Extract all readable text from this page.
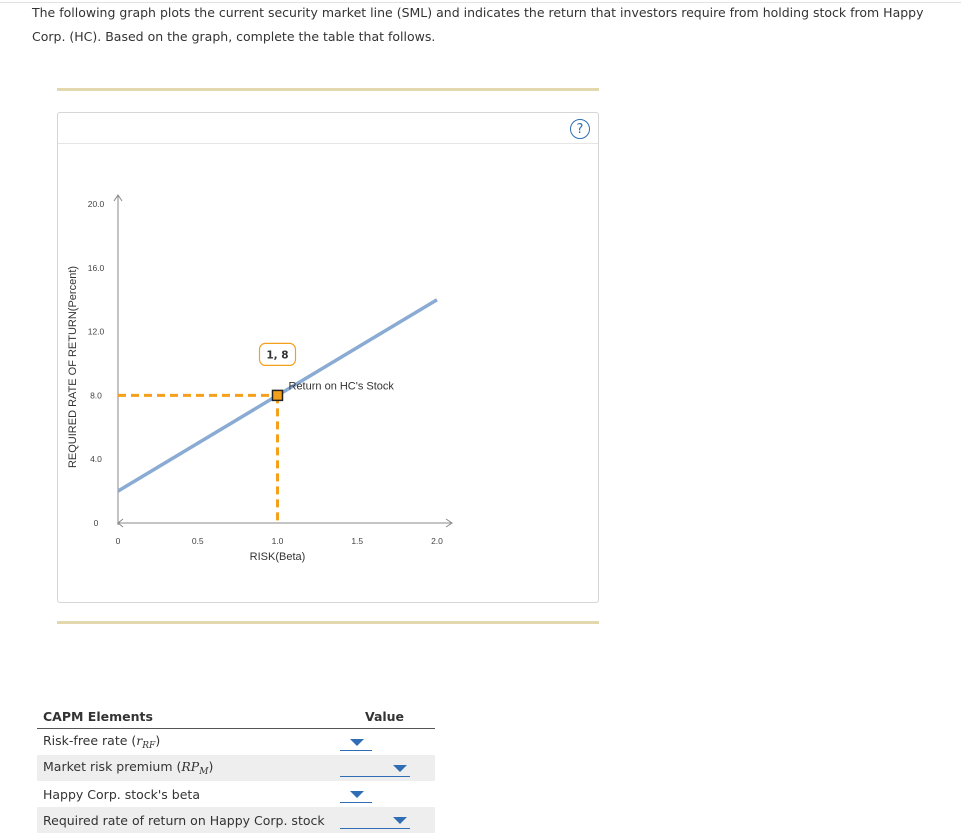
The following graph plots the current security market line (SML) and indicates the return that investors require from holding stock from Happy Corp. (HC). Based on the graph, complete the table that follows.
?
0
4.0
8.0
12.0
16.0
20.0
0	0.5	1.0	1.5	2.0
1, 8
RISK(Beta)
REQUIRED RATE OF RETURN(Percent)	Return on HC's Stock
CAPM Elements	Value
Risk-free rate $(r_{RF})$	

Market risk premium $(RP_M)$	

Happy Corp. stock's beta	

Required rate of return on Happy Corp. stock	
